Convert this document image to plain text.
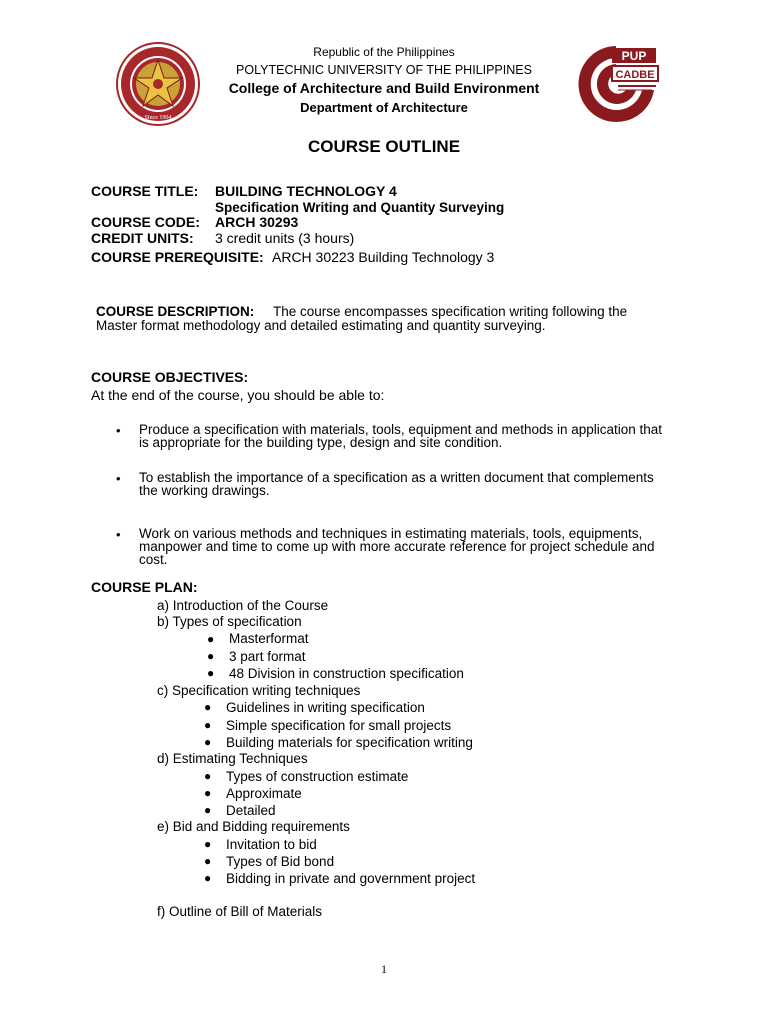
Since 1904
PUP
CADBE
Republic of the Philippines
POLYTECHNIC UNIVERSITY OF THE PHILIPPINES
College of Architecture and Build Environment
Department of Architecture
COURSE OUTLINE
COURSE TITLE: BUILDING TECHNOLOGY 4
Specification Writing and Quantity Surveying
COURSE CODE: ARCH 30293
CREDIT UNITS: 3 credit units (3 hours)
COURSE PREREQUISITE: ARCH 30223 Building Technology 3
COURSE DESCRIPTION: The course encompasses specification writing following the
Master format methodology and detailed estimating and quantity surveying.
COURSE OBJECTIVES:
At the end of the course, you should be able to:
• Produce a specification with materials, tools, equipment and methods in application that
is appropriate for the building type, design and site condition.
• To establish the importance of a specification as a written document that complements
the working drawings.
• Work on various methods and techniques in estimating materials, tools, equipments,
manpower and time to come up with more accurate reference for project schedule and
cost.
COURSE PLAN:
a) Introduction of the Course
b) Types of specification
● Masterformat
● 3 part format
● 48 Division in construction specification
c) Specification writing techniques
● Guidelines in writing specification
● Simple specification for small projects
● Building materials for specification writing
d) Estimating Techniques
● Types of construction estimate
● Approximate
● Detailed
e) Bid and Bidding requirements
● Invitation to bid
● Types of Bid bond
● Bidding in private and government project
f) Outline of Bill of Materials
1
